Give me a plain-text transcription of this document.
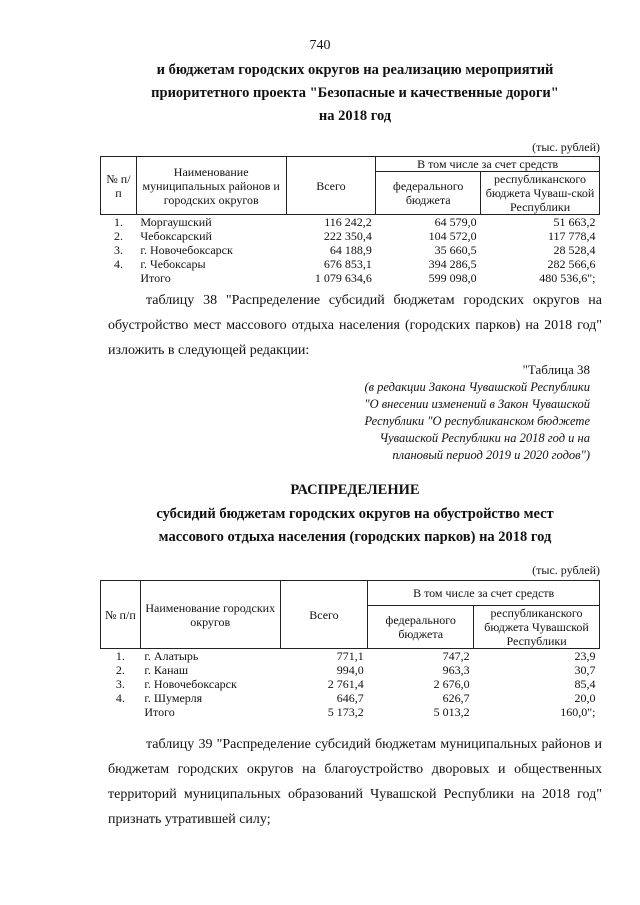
740
и бюджетам городских округов на реализацию мероприятий
приоритетного проекта "Безопасные и качественные дороги"
на 2018 год
(тыс. рублей)
№ п/п	Наименование муниципальных районов и городских округов	Всего	В том числе за счет средств	
			федерального бюджета	республиканского бюджета Чуваш-ской Республики
1.	Моргаушский	116 242,2	64 579,0	51 663,2
2.	Чебоксарский	222 350,4	104 572,0	117 778,4
3.	г. Новочебоксарск	64 188,9	35 660,5	28 528,4
4.	г. Чебоксары	676 853,1	394 286,5	282 566,6
	Итого	1 079 634,6	599 098,0	480 536,6";
таблицу 38 "Распределение субсидий бюджетам городских округов на обустройство мест массового отдыха населения (городских парков) на 2018 год" изложить в следующей редакции:
"Таблица 38
(в редакции Закона Чувашской Республики
"О внесении изменений в Закон Чувашской
Республики "О республиканском бюджете
Чувашской Республики на 2018 год и на
плановый период 2019 и 2020 годов")
РАСПРЕДЕЛЕНИЕ
субсидий бюджетам городских округов на обустройство мест
массового отдыха населения (городских парков) на 2018 год
(тыс. рублей)
№ п/п	Наименование городских округов	Всего	В том числе за счет средств	
			федерального бюджета	республиканского бюджета Чувашской Республики
1.	г. Алатырь	771,1	747,2	23,9
2.	г. Канаш	994,0	963,3	30,7
3.	г. Новочебоксарск	2 761,4	2 676,0	85,4
4.	г. Шумерля	646,7	626,7	20,0
	Итого	5 173,2	5 013,2	160,0";
таблицу 39 "Распределение субсидий бюджетам муниципальных районов и бюджетам городских округов на благоустройство дворовых и общественных территорий муниципальных образований Чувашской Республики на 2018 год" признать утратившей силу;
